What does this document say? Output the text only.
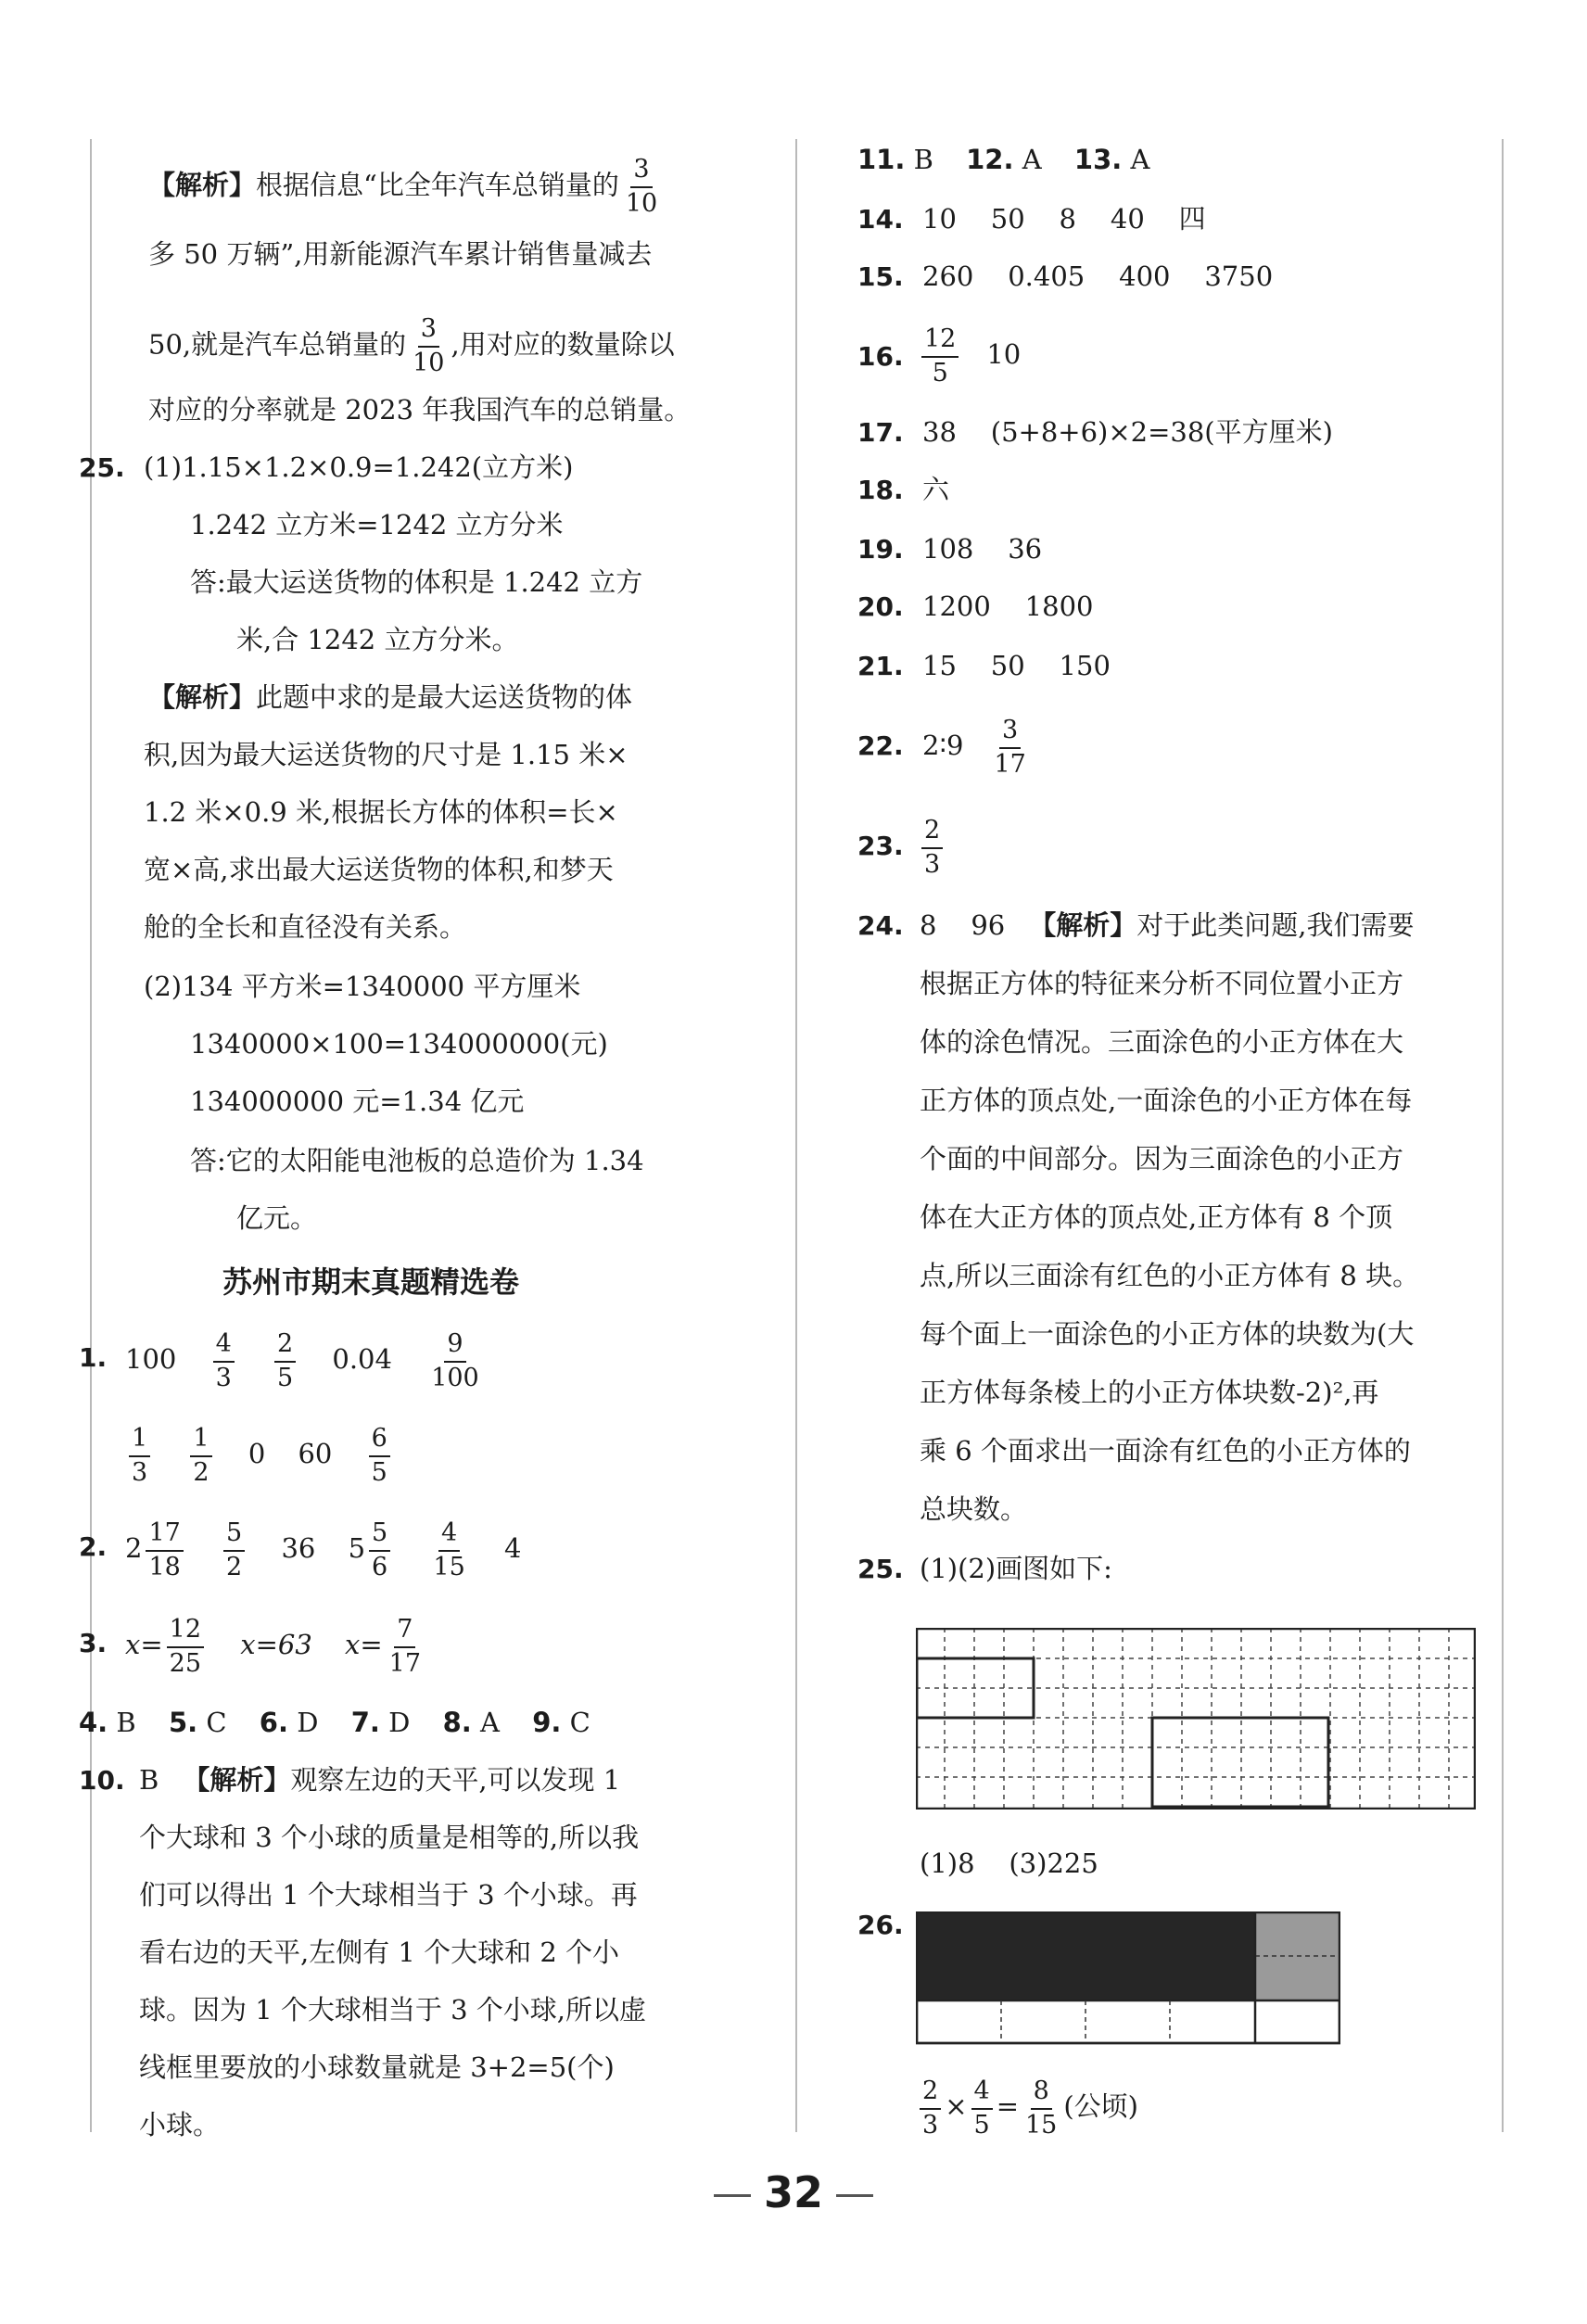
【解析】根据信息“比全年汽车总销量的 $\frac{3}{10}$
多 50 万辆”,用新能源汽车累计销售量减去
50,就是汽车总销量的 $\frac{3}{10}$ ,用对应的数量除以
对应的分率就是 2023 年我国汽车的总销量。
25. (1)1.15×1.2×0.9=1.242(立方米)
1.242 立方米=1242 立方分米
答:最大运送货物的体积是 1.242 立方
米,合 1242 立方分米。
【解析】此题中求的是最大运送货物的体
积,因为最大运送货物的尺寸是 1.15 米×
1.2 米×0.9 米,根据长方体的体积=长×
宽×高,求出最大运送货物的体积,和梦天
舱的全长和直径没有关系。
(2)134 平方米=1340000 平方厘米
1340000×100=134000000(元)
134000000 元=1.34 亿元
答:它的太阳能电池板的总造价为 1.34
亿元。
苏州市期末真题精选卷
1. $100 \frac{4}{3}$
$\frac{2}{5} 0.04 \frac{9}{100}$
$\frac{1}{3}$
$\frac{1}{2} 0$ $60 \frac{6}{5}$
2. $2 \frac{17}{18}$
$\frac{5}{2} 36$ $5 \frac{5}{6}$
$\frac{4}{15} 4$
3. $x= \frac{12}{25} x=63$ $x= \frac{7}{17}$
4. B 5. C 6. D 7. D 8. A 9. C
10. B 【解析】观察左边的天平,可以发现 1
个大球和 3 个小球的质量是相等的,所以我
们可以得出 1 个大球相当于 3 个小球。再
看右边的天平,左侧有 1 个大球和 2 个小
球。因为 1 个大球相当于 3 个小球,所以虚
线框里要放的小球数量就是 3+2=5(个)
小球。
11. B 12. A 13. A
14. 10    50    8    40    四
15. 260    0.405    400    3750
16. $\frac{12}{5} 10$
17. 38    (5+8+6)×2=38(平方厘米)
18. 六
19. 108    36
20. 1200    1800
21. 15    50    150
22. 2∶9 $\frac{3}{17}$
23. $\frac{2}{3}$
24. 8    96 【解析】对于此类问题,我们需要
根据正方体的特征来分析不同位置小正方
体的涂色情况。三面涂色的小正方体在大
正方体的顶点处,一面涂色的小正方体在每
个面的中间部分。因为三面涂色的小正方
体在大正方体的顶点处,正方体有 8 个顶
点,所以三面涂有红色的小正方体有 8 块。
每个面上一面涂色的小正方体的块数为(大
正方体每条棱上的小正方体块数-2)²,再
乘 6 个面求出一面涂有红色的小正方体的
总块数。
25. (1)(2)画图如下:
(1)8    (3)225
26.
$\frac{2}{3} \times \frac{4}{5} = \frac{8}{15}$ (公顷)
32
